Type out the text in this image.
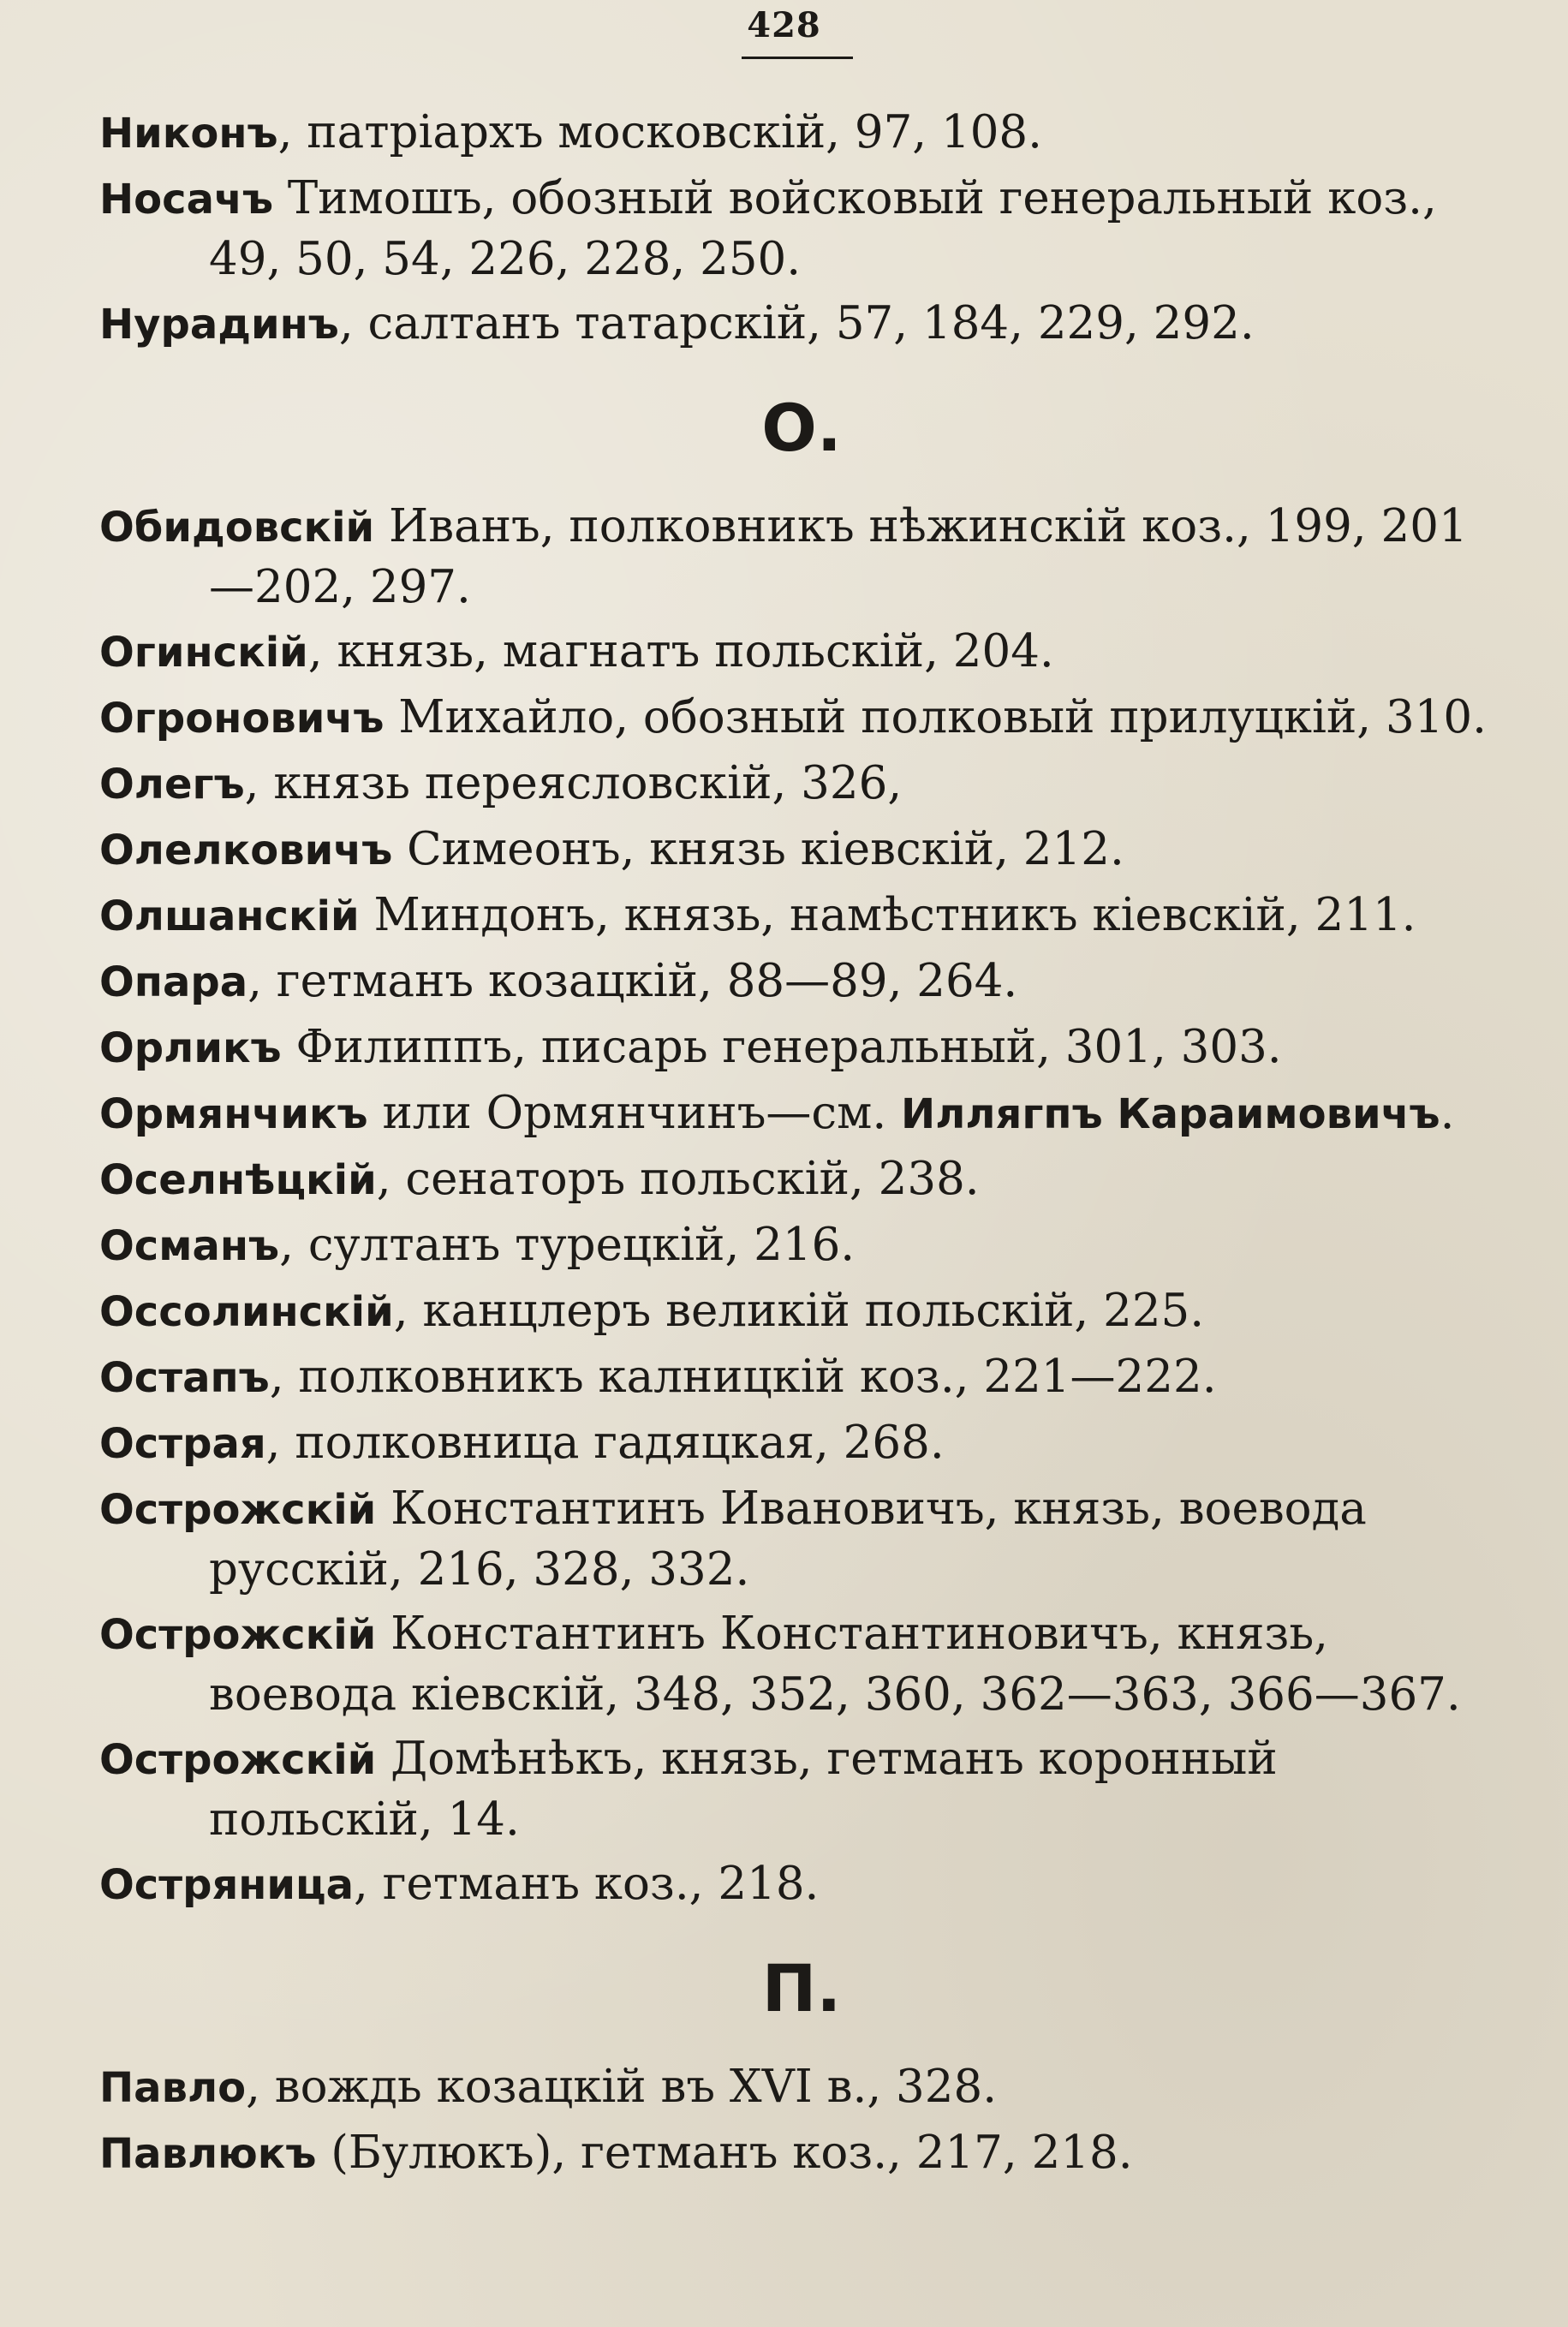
428

Никонъ, патріархъ московскій, 97, 108.

Носачъ Тимошъ, обозный войсковый генеральный коз., 49, 50, 54, 226, 228, 250.

Нурадинъ, салтанъ татарскій, 57, 184, 229, 292.

О.

Обидовскій Иванъ, полковникъ нѣжинскій коз., 199, 201—202, 297.

Огинскій, князь, магнатъ польскій, 204.

Огроновичъ Михайло, обозный полковый прилуцкій, 310.

Олегъ, князь переясловскій, 326,

Олелковичъ Симеонъ, князь кіевскій, 212.

Олшанскій Миндонъ, князь, намѣстникъ кіевскій, 211.

Опара, гетманъ козацкій, 88—89, 264.

Орликъ Филиппъ, писарь генеральный, 301, 303.

Ормянчикъ или Ормянчинъ—см. Иллягпъ Караимовичъ.

Оселнѣцкій, сенаторъ польскій, 238.

Османъ, султанъ турецкій, 216.

Оссолинскій, канцлеръ великій польскій, 225.

Остапъ, полковникъ калницкій коз., 221—222.

Острая, полковница гадяцкая, 268.

Острожскій Константинъ Ивановичъ, князь, воевода русскій, 216, 328, 332.

Острожскій Константинъ Константиновичъ, князь, воевода кіевскій, 348, 352, 360, 362—363, 366—367.

Острожскій Домѣнѣкъ, князь, гетманъ коронный польскій, 14.

Остряница, гетманъ коз., 218.

П.

Павло, вождь козацкій въ XVI в., 328.

Павлюкъ (Булюкъ), гетманъ коз., 217, 218.
